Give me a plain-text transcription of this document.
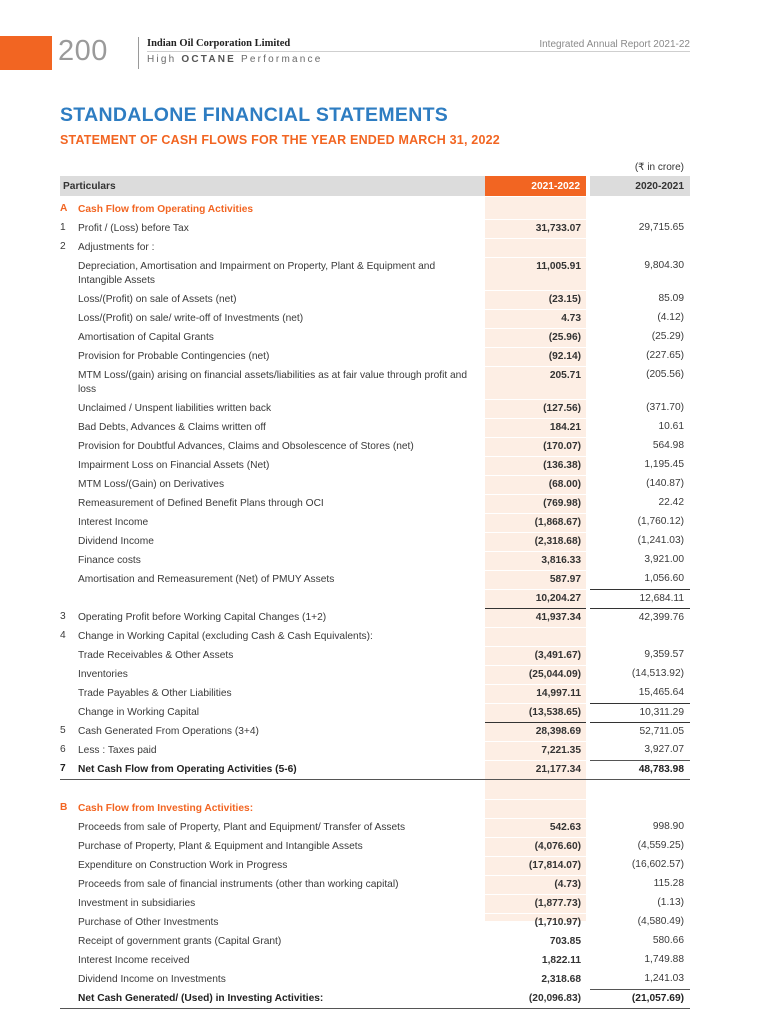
200	Indian Oil Corporation Limited
High OCTANE Performance
Integrated Annual Report 2021-22
STANDALONE FINANCIAL STATEMENTS
STATEMENT OF CASH FLOWS FOR THE YEAR ENDED MARCH 31, 2022
(₹ in crore)
Particulars		2021-2022		2020-2021

A	Cash Flow from Operating Activities				
1	Profit / (Loss) before Tax		31,733.07		29,715.65
2	Adjustments for :				
	Depreciation, Amortisation and Impairment on Property, Plant & Equipment and Intangible Assets		11,005.91		9,804.30
	Loss/(Profit) on sale of Assets (net)		(23.15)		85.09
	Loss/(Profit) on sale/ write-off of Investments (net)		4.73		(4.12)
	Amortisation of Capital Grants		(25.96)		(25.29)
	Provision for Probable Contingencies (net)		(92.14)		(227.65)
	MTM Loss/(gain) arising on financial assets/liabilities as at fair value through profit and loss		205.71		(205.56)
	Unclaimed / Unspent liabilities written back		(127.56)		(371.70)
	Bad Debts, Advances & Claims written off		184.21		10.61
	Provision for Doubtful Advances, Claims and Obsolescence of Stores (net)		(170.07)		564.98
	Impairment Loss on Financial Assets (Net)		(136.38)		1,195.45
	MTM Loss/(Gain) on Derivatives		(68.00)		(140.87)
	Remeasurement of Defined Benefit Plans through OCI		(769.98)		22.42
	Interest Income		(1,868.67)		(1,760.12)
	Dividend Income		(2,318.68)		(1,241.03)
	Finance costs		3,816.33		3,921.00
	Amortisation and Remeasurement (Net) of PMUY Assets		587.97		1,056.60
			10,204.27		12,684.11
3	Operating Profit before Working Capital Changes (1+2)		41,937.34		42,399.76
4	Change in Working Capital (excluding Cash & Cash Equivalents):				
	Trade Receivables & Other Assets		(3,491.67)		9,359.57
	Inventories		(25,044.09)		(14,513.92)
	Trade Payables & Other Liabilities		14,997.11		15,465.64
	Change in Working Capital		(13,538.65)		10,311.29
5	Cash Generated From Operations (3+4)		28,398.69		52,711.05
6	Less : Taxes paid		7,221.35		3,927.07
7	Net Cash Flow from Operating Activities (5-6)		21,177.34		48,783.98

B	Cash Flow from Investing Activities:				
	Proceeds from sale of Property, Plant and Equipment/ Transfer of Assets		542.63		998.90
	Purchase of Property, Plant & Equipment and Intangible Assets		(4,076.60)		(4,559.25)
	Expenditure on Construction Work in Progress		(17,814.07)		(16,602.57)
	Proceeds from sale of financial instruments (other than working capital)		(4.73)		115.28
	Investment in subsidiaries		(1,877.73)		(1.13)
	Purchase of Other Investments		(1,710.97)		(4,580.49)
	Receipt of government grants (Capital Grant)		703.85		580.66
	Interest Income received		1,822.11		1,749.88
	Dividend Income on Investments		2,318.68		1,241.03
	Net Cash Generated/ (Used) in Investing Activities:		(20,096.83)		(21,057.69)
